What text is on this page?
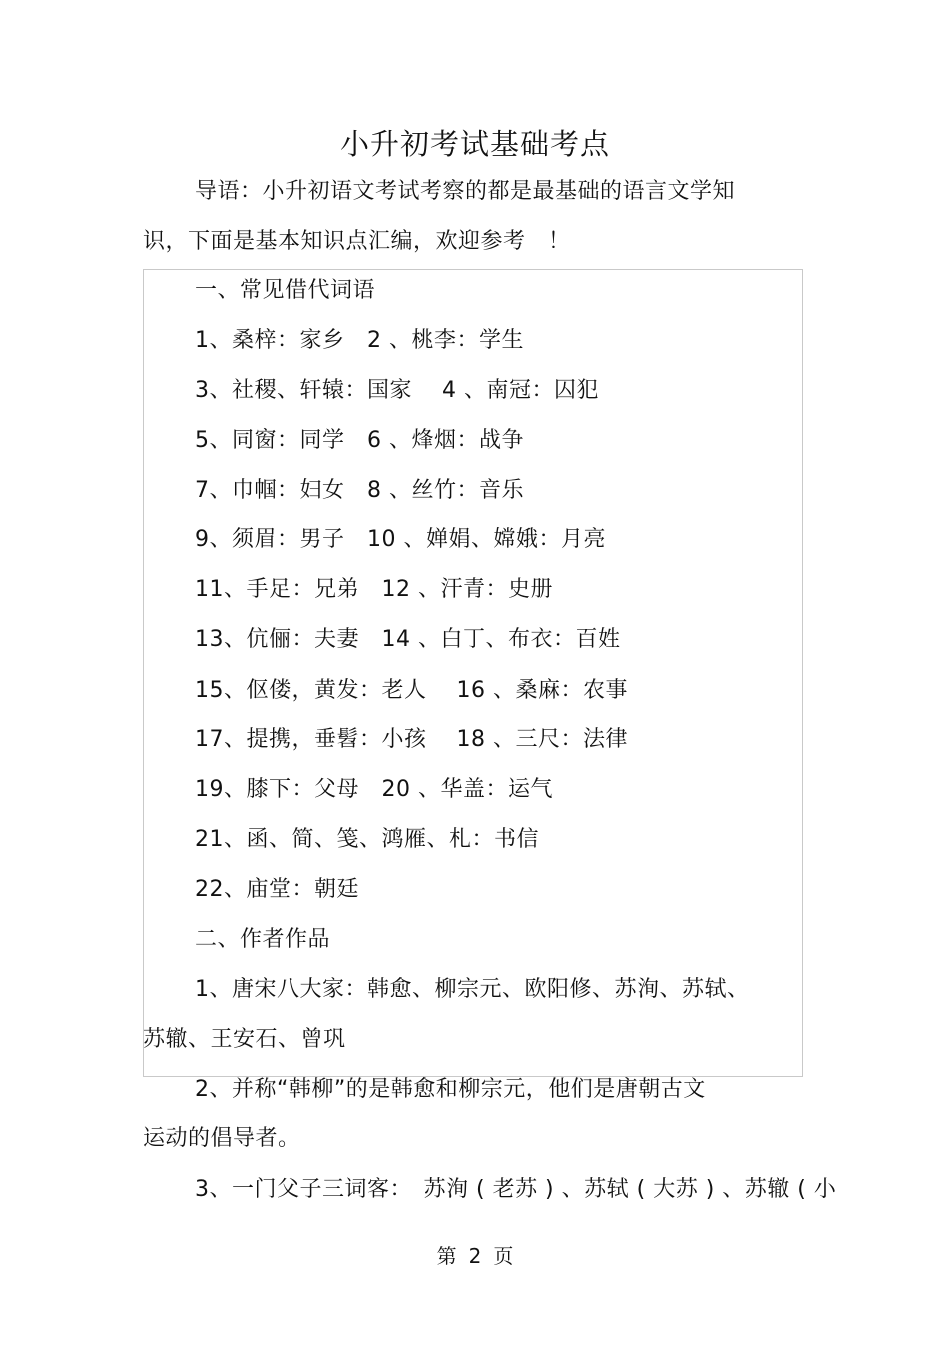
小升初考试基础考点
导语：小升初语文考试考察的都是最基础的语言文学知
识，下面是基本知识点汇编，欢迎参考　！
一、常见借代词语
1、桑梓：家乡　2 、桃李：学生
3、社稷、轩辕：国家　 4 、南冠：囚犯
5、同窗：同学　6 、烽烟：战争
7、巾帼：妇女　8 、丝竹：音乐
9、须眉：男子　10 、婵娟、嫦娥：月亮
11、手足：兄弟　12 、汗青：史册
13、伉俪：夫妻　14 、白丁、布衣：百姓
15、伛偻，黄发：老人　 16 、桑麻：农事
17、提携，垂髫：小孩　 18 、三尺：法律
19、膝下：父母　20 、华盖：运气
21、函、简、笺、鸿雁、札：书信
22、庙堂：朝廷
二、作者作品
1、唐宋八大家：韩愈、柳宗元、欧阳修、苏洵、苏轼、
苏辙、王安石、曾巩
2、并称“韩柳”的是韩愈和柳宗元，他们是唐朝古文
运动的倡导者。
3、一门父子三词客：　苏洵 ( 老苏 ) 、苏轼 ( 大苏 ) 、苏辙 ( 小
第 2 页
